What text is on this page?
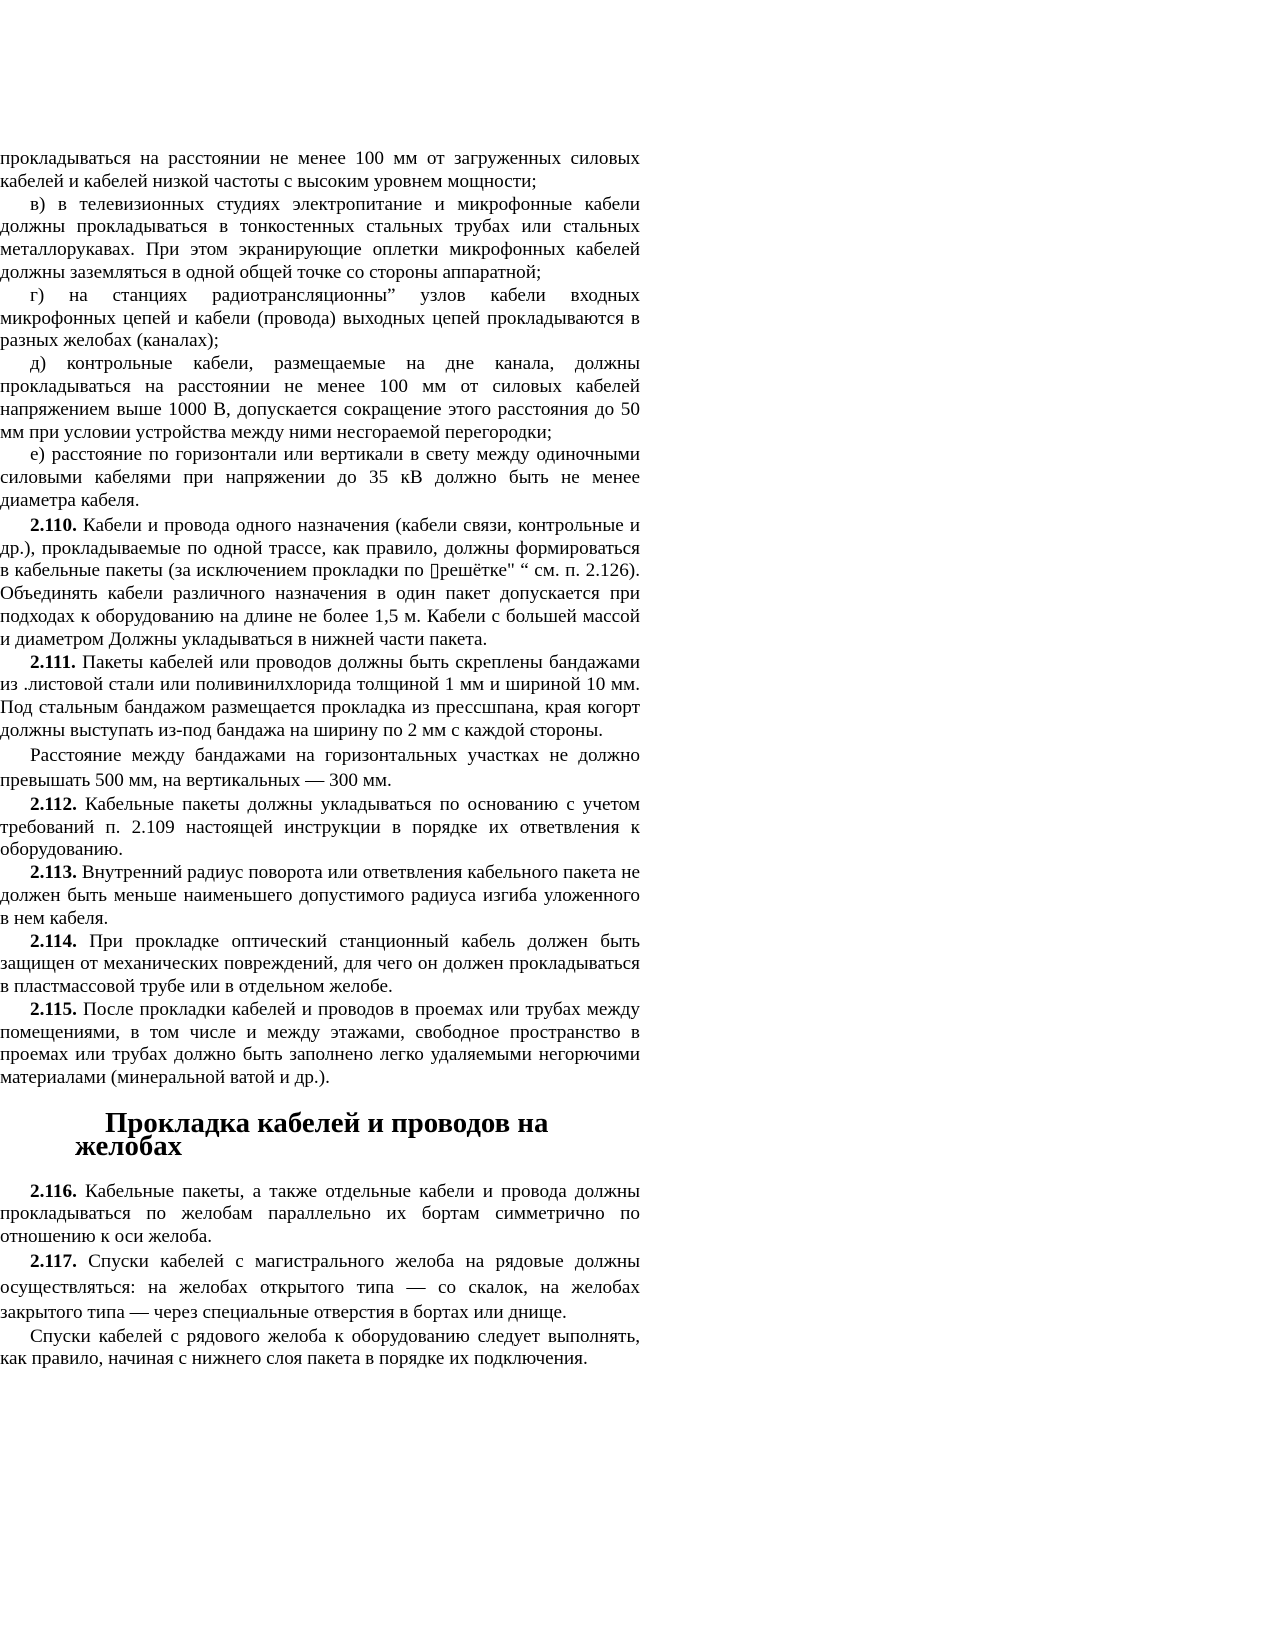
прокладываться на расстоянии не менее 100 мм от загруженных силовых кабелей и кабелей низкой частоты с высоким уровнем мощности;

в) в телевизионных студиях электропитание и микрофонные кабели должны прокладываться в тонкостенных стальных трубах или стальных металлорукавах. При этом экранирующие оплетки микрофонных кабелей должны заземляться в одной общей точке со стороны аппаратной;

г) на станциях радиотрансляционны” узлов кабели входных микрофонных цепей и кабели (провода) выходных цепей прокладываются в разных желобах (каналах);

д) контрольные кабели, размещаемые на дне канала, должны прокладываться на расстоянии не менее 100 мм от силовых кабелей напряжением выше 1000 В, допускается сокращение этого расстояния до 50 мм при условии устройства между ними несгораемой перегородки;

е) расстояние по горизонтали или вертикали в свету между одиночными силовыми кабелями при напряжении до 35 кВ должно быть не менее диаметра кабеля.

2.110. Кабели и провода одного назначения (кабели связи, контрольные и др.), прокладываемые по одной трассе, как правило, должны формироваться в кабельные пакеты (за исключением прокладки по ▯решётке" “ см. п. 2.126). Объединять кабели различного назначения в один пакет допускается при подходах к оборудованию на длине не более 1,5 м. Кабели с большей массой и диаметром Должны укладываться в нижней части пакета.

2.111. Пакеты кабелей или проводов должны быть скреплены бандажами из .листовой стали или поливинилхлорида толщиной 1 мм и шириной 10 мм. Под стальным бандажом размещается прокладка из прессшпана, края когорт должны выступать из-под бандажа на ширину по 2 мм с каждой стороны.

Расстояние между бандажами на горизонтальных участках не должно превышать 500 мм, на вертикальных — 300 мм.

2.112. Кабельные пакеты должны укладываться по основанию с учетом требований п. 2.109 настоящей инструкции в порядке их ответвления к оборудованию.

2.113. Внутренний радиус поворота или ответвления кабельного пакета не должен быть меньше наименьшего допустимого радиуса изгиба уложенного в нем кабеля.

2.114. При прокладке оптический станционный кабель должен быть защищен от механических повреждений, для чего он должен прокладываться в пластмассовой трубе или в отдельном желобе.

2.115. После прокладки кабелей и проводов в проемах или трубах между помещениями, в том числе и между этажами, свободное пространство в проемах или трубах должно быть заполнено легко удаляемыми негорючими материалами (минеральной ватой и др.).

Прокладка кабелей и проводов на желобах

2.116. Кабельные пакеты, а также отдельные кабели и провода должны прокладываться по желобам параллельно их бортам симметрично по отношению к оси желоба.

2.117. Спуски кабелей с магистрального желоба на рядовые должны осуществляться: на желобах открытого типа — со скалок, на желобах закрытого типа — через специальные отверстия в бортах или днище.

Спуски кабелей с рядового желоба к оборудованию следует выполнять, как правило, начиная с нижнего слоя пакета в порядке их подключения.
